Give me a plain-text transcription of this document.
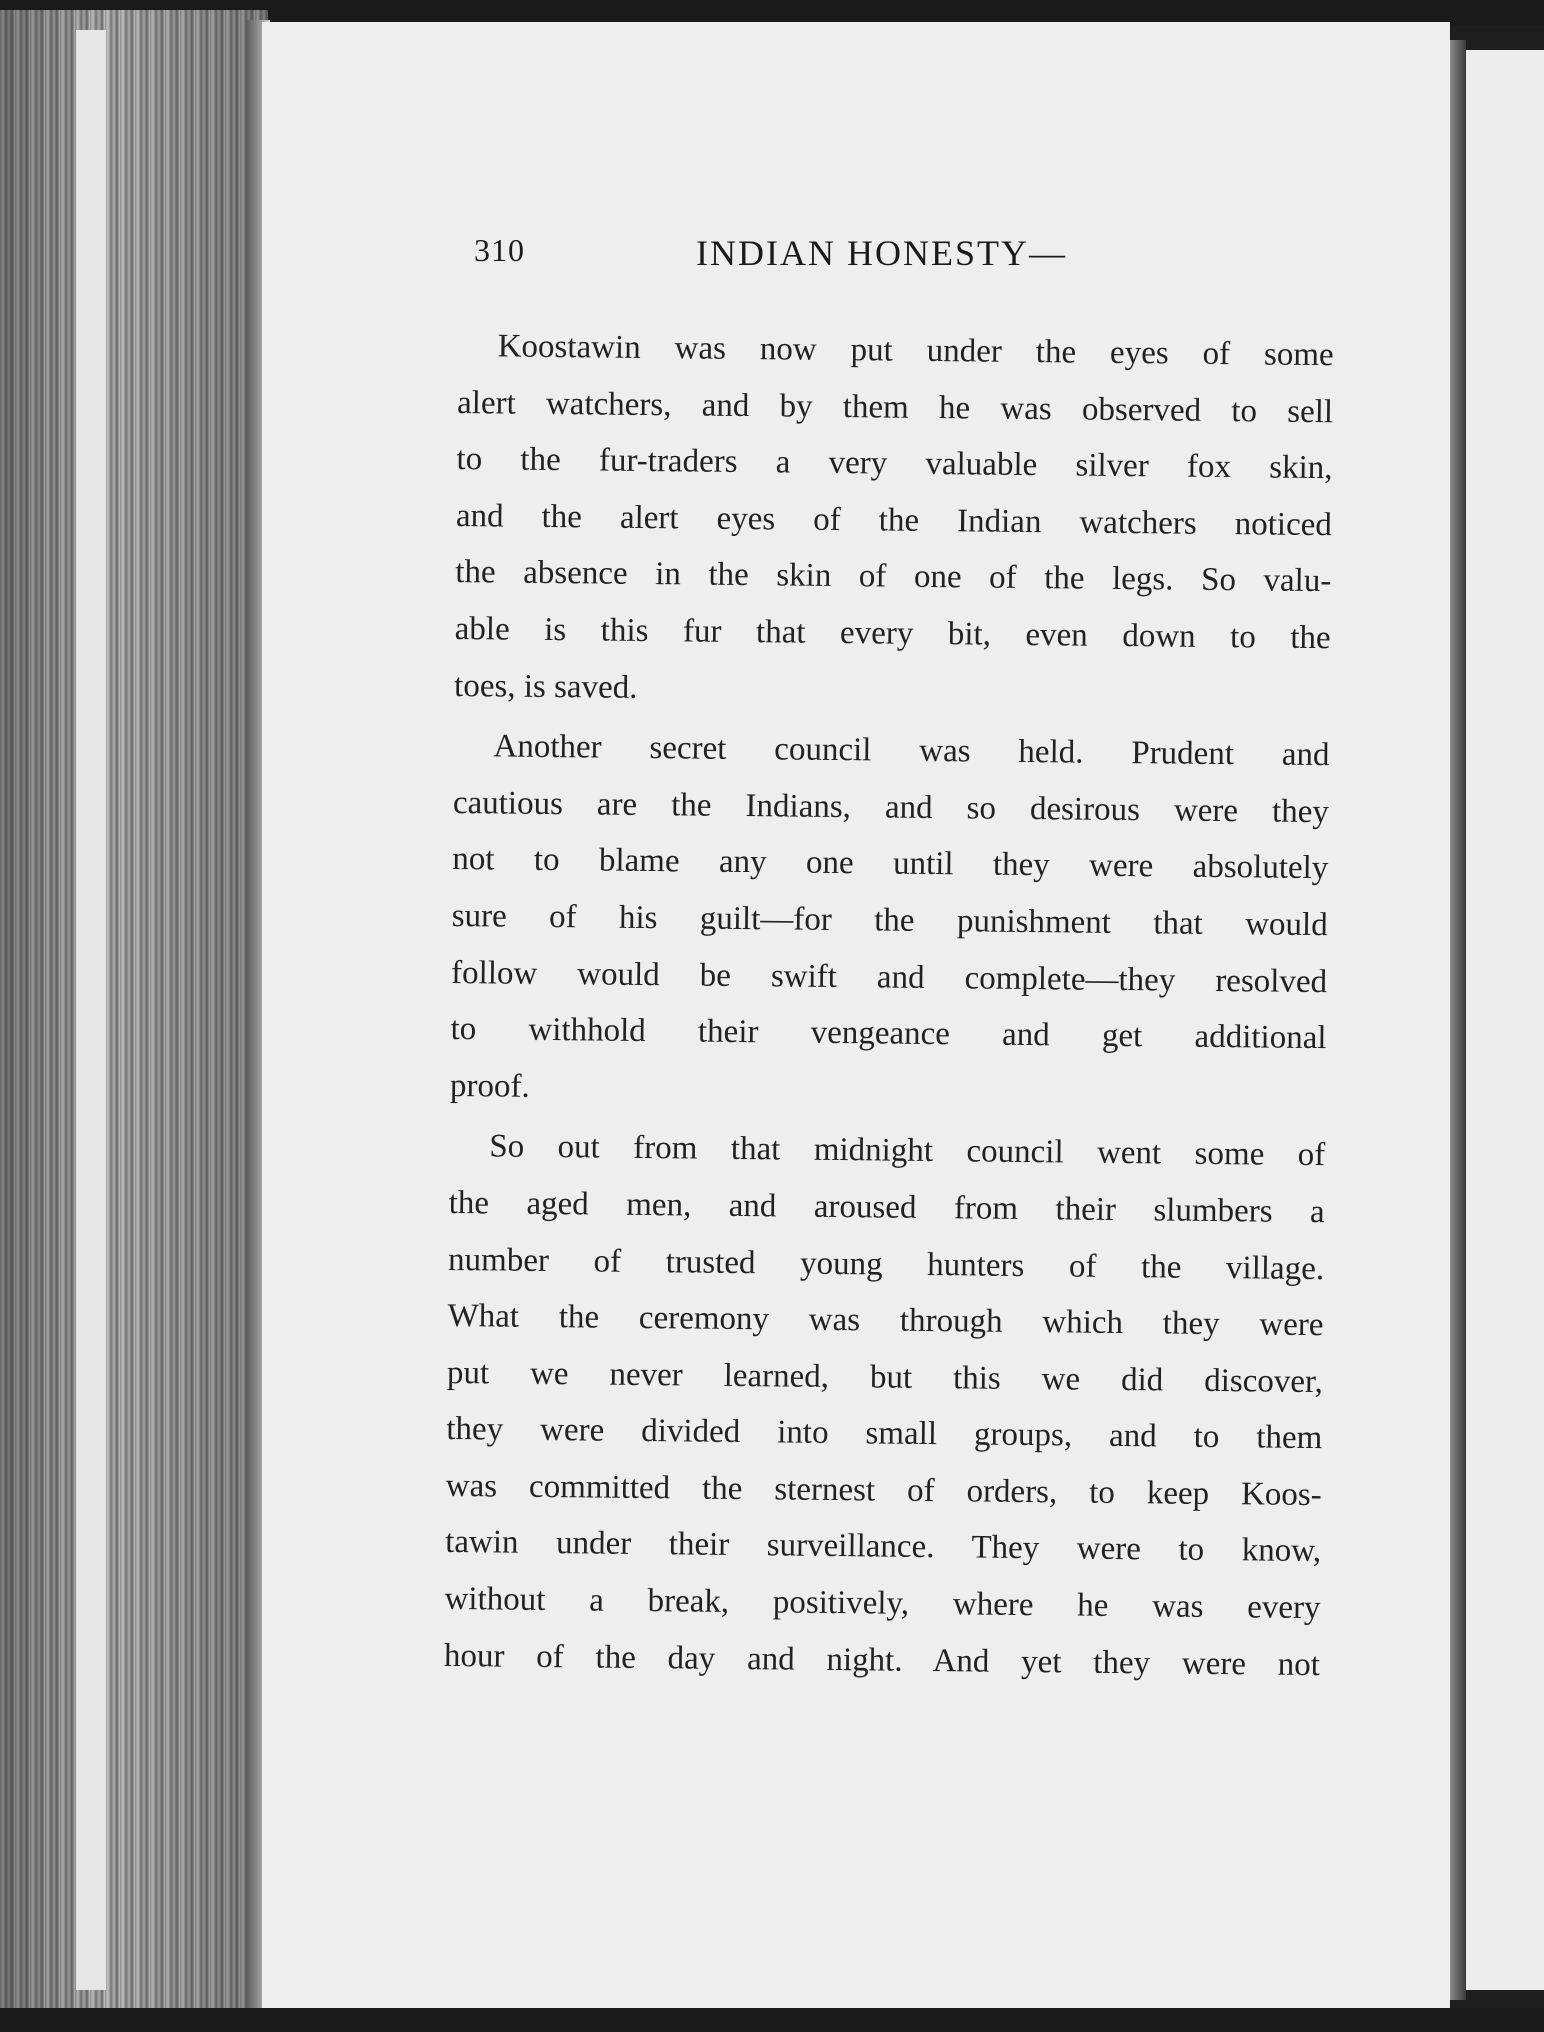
310	INDIAN HONESTY—
Koostawin was now put under the eyes of some
alert watchers, and by them he was observed to sell
to the fur-traders a very valuable silver fox skin,
and the alert eyes of the Indian watchers noticed
the absence in the skin of one of the legs. So valu-
able is this fur that every bit, even down to the
toes, is saved.
Another secret council was held. Prudent and
cautious are the Indians, and so desirous were they
not to blame any one until they were absolutely
sure of his guilt—for the punishment that would
follow would be swift and complete—they resolved
to withhold their vengeance and get additional
proof.
So out from that midnight council went some of
the aged men, and aroused from their slumbers a
number of trusted young hunters of the village.
What the ceremony was through which they were
put we never learned, but this we did discover,
they were divided into small groups, and to them
was committed the sternest of orders, to keep Koos-
tawin under their surveillance. They were to know,
without a break, positively, where he was every
hour of the day and night. And yet they were not
